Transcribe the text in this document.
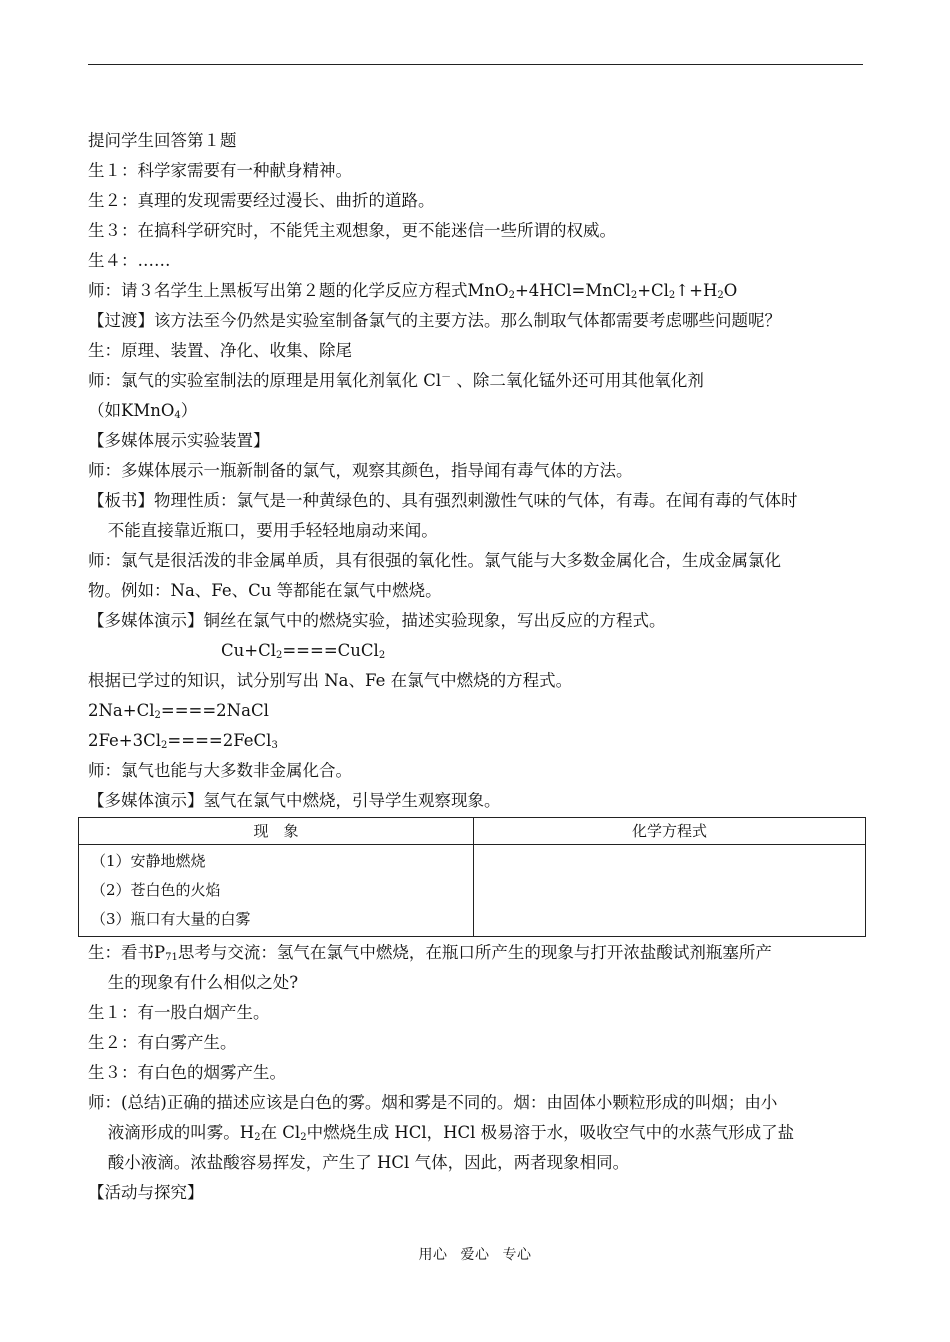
提问学生回答第１题
生１：科学家需要有一种献身精神。
生２：真理的发现需要经过漫长、曲折的道路。
生３：在搞科学研究时，不能凭主观想象，更不能迷信一些所谓的权威。
生４：……
师：请３名学生上黑板写出第２题的化学反应方程式$MnO_2+4HCl=MnCl_2+Cl_2↑+H_2O$
【过渡】该方法至今仍然是实验室制备氯气的主要方法。那么制取气体都需要考虑哪些问题呢？
生：原理、装置、净化、收集、除尾
师：氯气的实验室制法的原理是用氧化剂氧化 Cl－ 、除二氧化锰外还可用其他氧化剂
（如KMnO$_4$）
【多媒体展示实验装置】
师：多媒体展示一瓶新制备的氯气，观察其颜色，指导闻有毒气体的方法。
【板书】物理性质：氯气是一种黄绿色的、具有强烈刺激性气味的气体，有毒。在闻有毒的气体时
不能直接靠近瓶口，要用手轻轻地扇动来闻。
师：氯气是很活泼的非金属单质，具有很强的氧化性。氯气能与大多数金属化合，生成金属氯化
物。例如：Na、Fe、Cu 等都能在氯气中燃烧。
【多媒体演示】铜丝在氯气中的燃烧实验，描述实验现象，写出反应的方程式。
$Cu+Cl_2====CuCl_2$
根据已学过的知识，试分别写出 Na、Fe 在氯气中燃烧的方程式。
$2Na+Cl_2====2NaCl$
$2Fe+3Cl_2====2FeCl_3$
师：氯气也能与大多数非金属化合。
【多媒体演示】氢气在氯气中燃烧，引导学生观察现象。
现　象	化学方程式

（1）安静地燃烧
（2）苍白色的火焰
（3）瓶口有大量的白雾	

生：看书$P_{71}$思考与交流：氢气在氯气中燃烧，在瓶口所产生的现象与打开浓盐酸试剂瓶塞所产
生的现象有什么相似之处?
生１：有一股白烟产生。
生２：有白雾产生。
生３：有白色的烟雾产生。
师：(总结)正确的描述应该是白色的雾。烟和雾是不同的。烟：由固体小颗粒形成的叫烟；由小
液滴形成的叫雾。$H_2$在 $Cl_2$中燃烧生成 HCl，HCl 极易溶于水，吸收空气中的水蒸气形成了盐
酸小液滴。浓盐酸容易挥发，产生了 HCl 气体，因此，两者现象相同。
【活动与探究】
用心 爱心 专心
